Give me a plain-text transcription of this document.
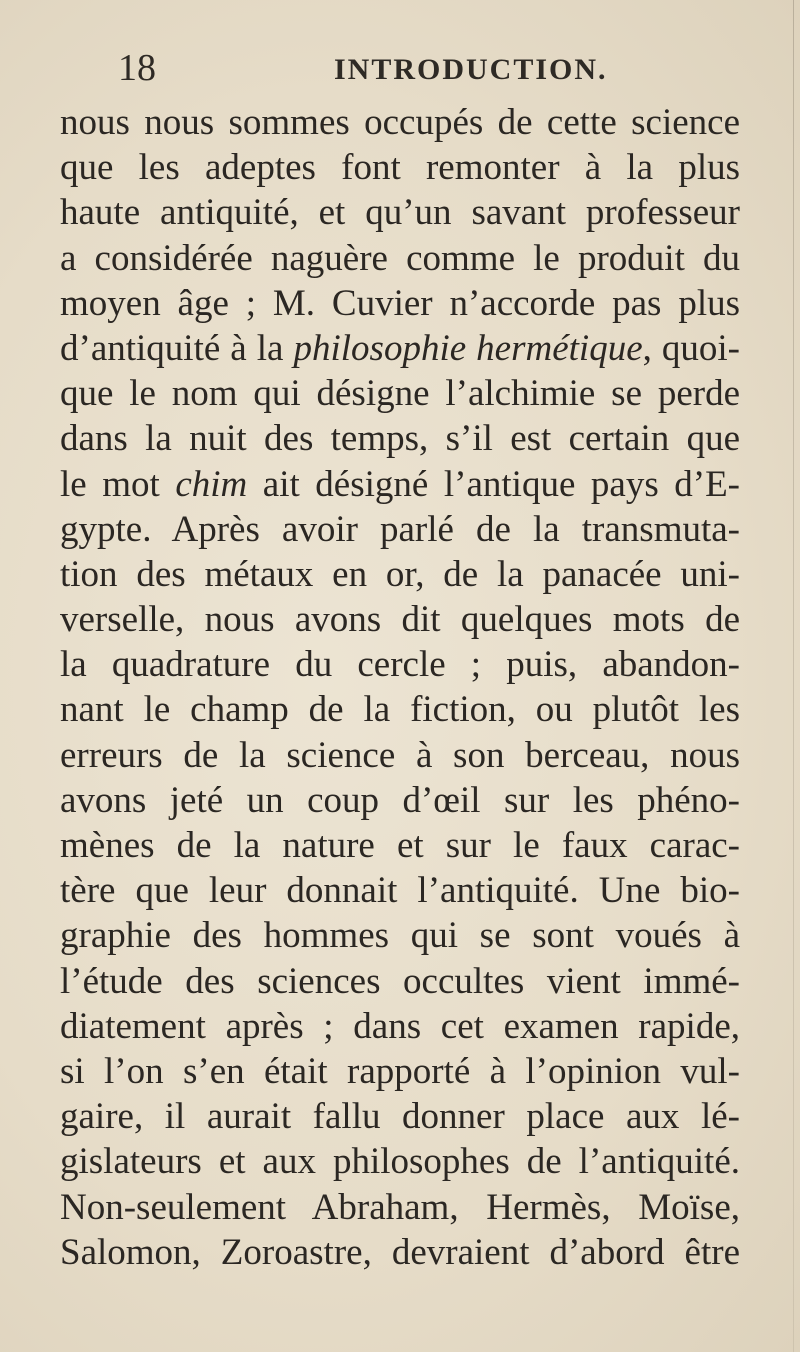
18	INTRODUCTION.
nous nous sommes occupés de cette science
que les adeptes font remonter à la plus
haute antiquité, et qu’un savant professeur
a considérée naguère comme le produit du
moyen âge ; M. Cuvier n’accorde pas plus
d’antiquité à la philosophie hermétique, quoi-
que le nom qui désigne l’alchimie se perde
dans la nuit des temps, s’il est certain que
le mot chim ait désigné l’antique pays d’E-
gypte. Après avoir parlé de la transmuta-
tion des métaux en or, de la panacée uni-
verselle, nous avons dit quelques mots de
la quadrature du cercle ; puis, abandon-
nant le champ de la fiction, ou plutôt les
erreurs de la science à son berceau, nous
avons jeté un coup d’œil sur les phéno-
mènes de la nature et sur le faux carac-
tère que leur donnait l’antiquité. Une bio-
graphie des hommes qui se sont voués à
l’étude des sciences occultes vient immé-
diatement après ; dans cet examen rapide,
si l’on s’en était rapporté à l’opinion vul-
gaire, il aurait fallu donner place aux lé-
gislateurs et aux philosophes de l’antiquité.
Non-seulement Abraham, Hermès, Moïse,
Salomon, Zoroastre, devraient d’abord être
